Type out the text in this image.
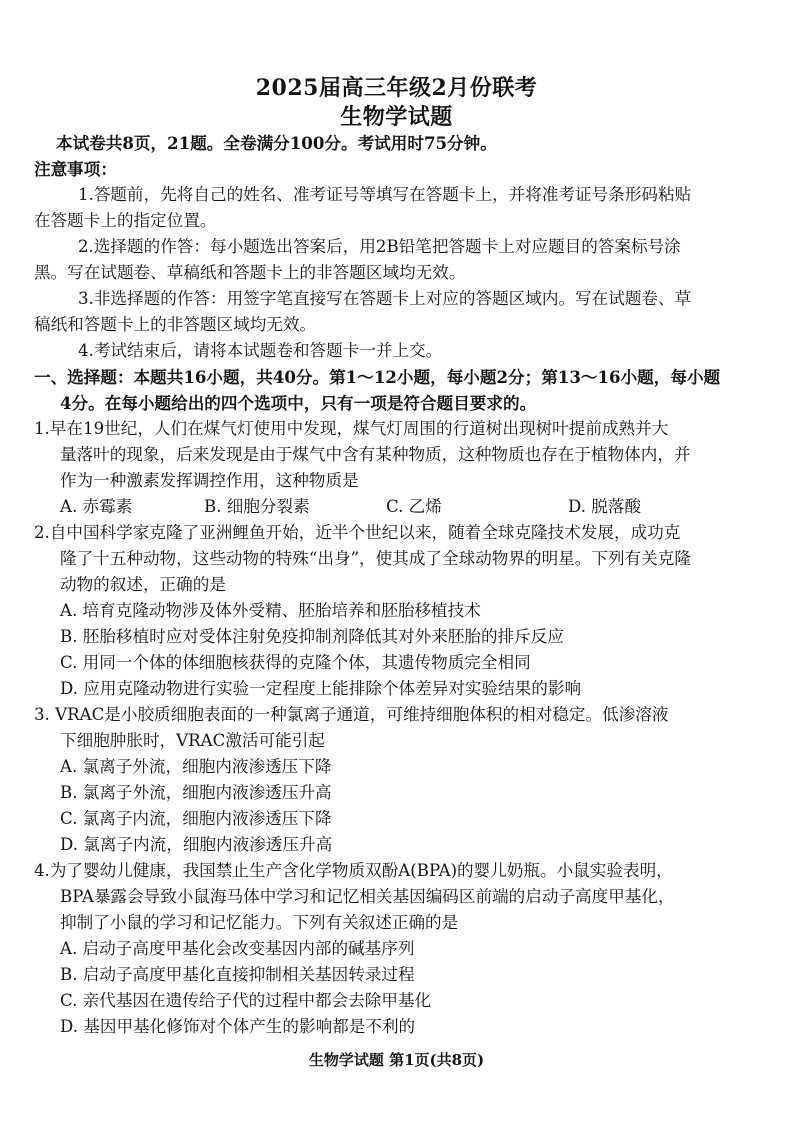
2025届高三年级2月份联考
生物学试题
本试卷共8页，21题。全卷满分100分。考试用时75分钟。
注意事项：
1.答题前，先将自己的姓名、准考证号等填写在答题卡上，并将准考证号条形码粘贴
在答题卡上的指定位置。
2.选择题的作答：每小题选出答案后，用2B铅笔把答题卡上对应题目的答案标号涂
黑。写在试题卷、草稿纸和答题卡上的非答题区域均无效。
3.非选择题的作答：用签字笔直接写在答题卡上对应的答题区域内。写在试题卷、草
稿纸和答题卡上的非答题区域均无效。
4.考试结束后，请将本试题卷和答题卡一并上交。
一、选择题：本题共16小题，共40分。第1～12小题，每小题2分；第13～16小题，每小题
4分。在每小题给出的四个选项中，只有一项是符合题目要求的。
1.早在19世纪，人们在煤气灯使用中发现，煤气灯周围的行道树出现树叶提前成熟并大
量落叶的现象，后来发现是由于煤气中含有某种物质，这种物质也存在于植物体内，并
作为一种激素发挥调控作用，这种物质是
A. 赤霉素	B. 细胞分裂素	C. 乙烯	D. 脱落酸
2.自中国科学家克隆了亚洲鲤鱼开始，近半个世纪以来，随着全球克隆技术发展，成功克
隆了十五种动物，这些动物的特殊“出身”，使其成了全球动物界的明星。下列有关克隆
动物的叙述，正确的是
A. 培育克隆动物涉及体外受精、胚胎培养和胚胎移植技术
B. 胚胎移植时应对受体注射免疫抑制剂降低其对外来胚胎的排斥反应
C. 用同一个体的体细胞核获得的克隆个体，其遗传物质完全相同
D. 应用克隆动物进行实验一定程度上能排除个体差异对实验结果的影响
3. VRAC是小胶质细胞表面的一种氯离子通道，可维持细胞体积的相对稳定。低渗溶液
下细胞肿胀时，VRAC激活可能引起
A. 氯离子外流，细胞内液渗透压下降
B. 氯离子外流，细胞内液渗透压升高
C. 氯离子内流，细胞内液渗透压下降
D. 氯离子内流，细胞内液渗透压升高
4.为了婴幼儿健康，我国禁止生产含化学物质双酚A(BPA)的婴儿奶瓶。小鼠实验表明，
BPA暴露会导致小鼠海马体中学习和记忆相关基因编码区前端的启动子高度甲基化，
抑制了小鼠的学习和记忆能力。下列有关叙述正确的是
A. 启动子高度甲基化会改变基因内部的碱基序列
B. 启动子高度甲基化直接抑制相关基因转录过程
C. 亲代基因在遗传给子代的过程中都会去除甲基化
D. 基因甲基化修饰对个体产生的影响都是不利的
生物学试题 第1页(共8页)
